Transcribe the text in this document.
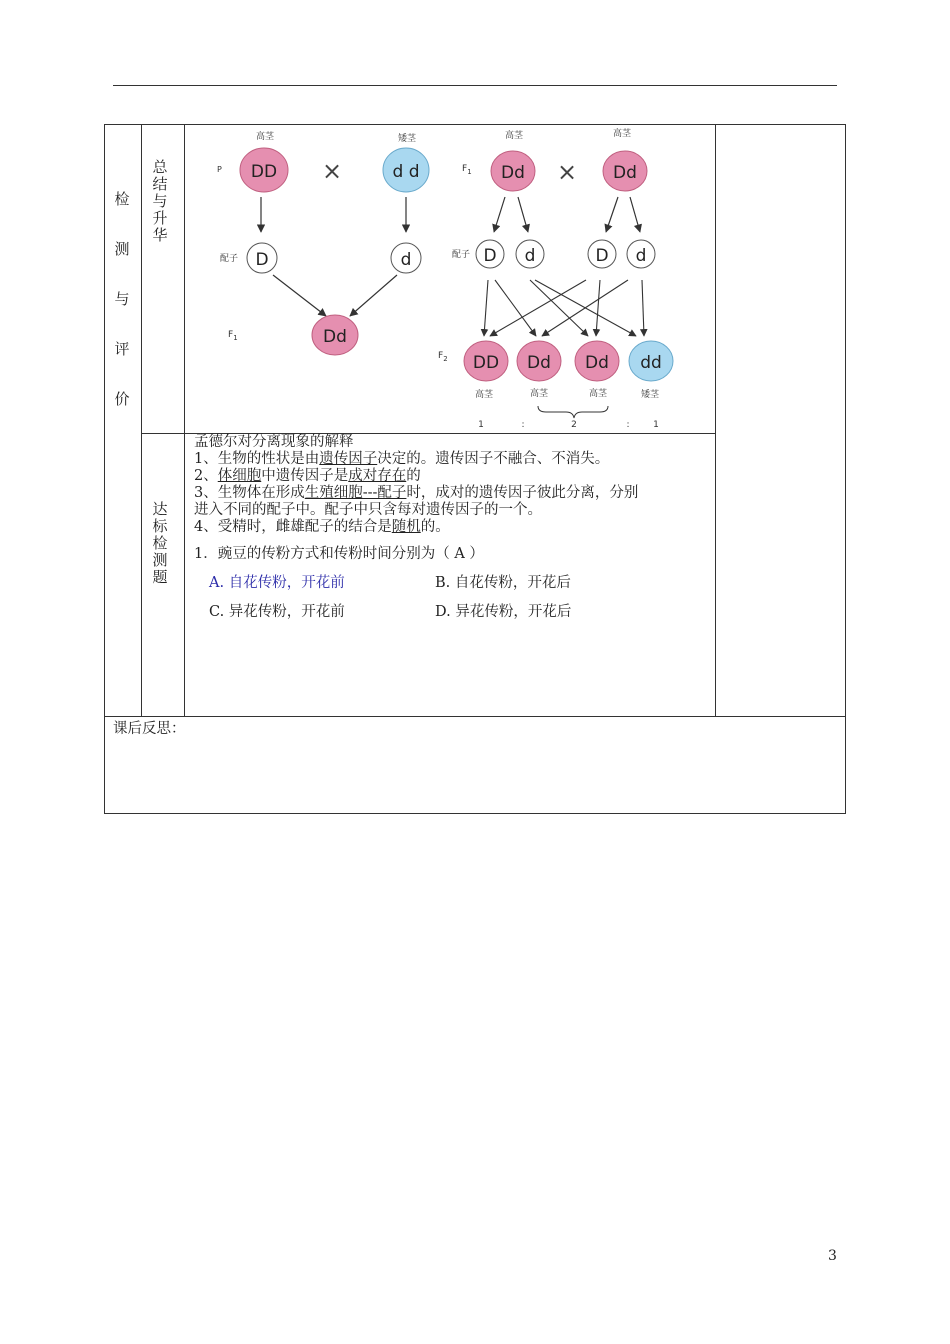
检
测
与
评
价
总
结
与
升
华
达
标
检
测
题
高茎	矮茎
P DD ×	d d
配子 D	d
$F_1$	Dd
高茎	高茎
$F_1$ Dd × Dd
配子 D d	D d
$F_2$ DD Dd Dd dd
高茎	高茎	高茎	矮茎
1	:	2	:	1
孟德尔对分离现象的解释
1、生物的性状是由遗传因子决定的。遗传因子不融合、不消失。
2、体细胞中遗传因子是成对存在的
3、生物体在形成生殖细胞---配子时，成对的遗传因子彼此分离，分别
进入不同的配子中。配子中只含每对遗传因子的一个。
4、受精时，雌雄配子的结合是随机的。
1．豌豆的传粉方式和传粉时间分别为（ A ）
A. 自花传粉，开花前	B. 自花传粉，开花后
C. 异花传粉，开花前	D. 异花传粉，开花后
课后反思：
3
